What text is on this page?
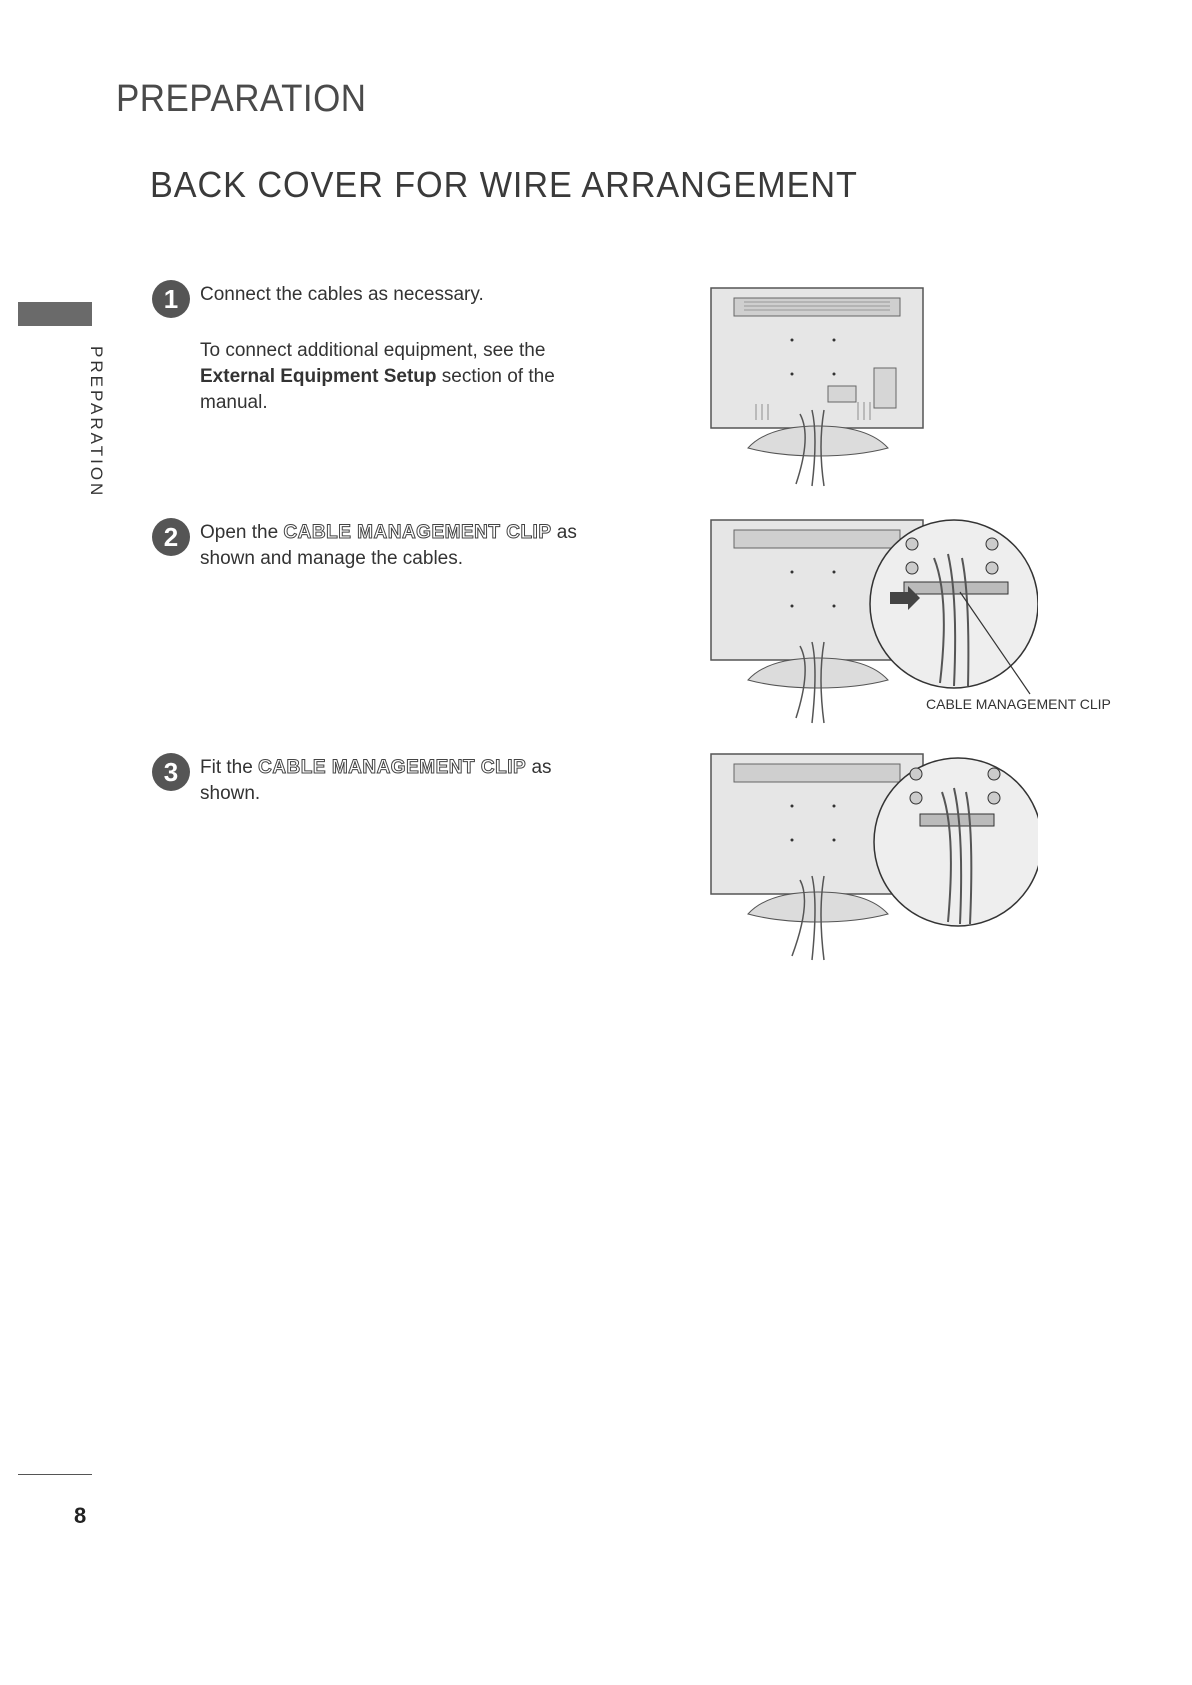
PREPARATION
BACK COVER FOR WIRE ARRANGEMENT
PREPARATION
1	Connect the cables as necessary.

To connect additional equipment, see the External Equipment Setup section of the manual.

2	Open the CABLE MANAGEMENT CLIP as shown and manage the cables.

3	Fit the CABLE MANAGEMENT CLIP as shown.

CABLE MANAGEMENT CLIP
8
